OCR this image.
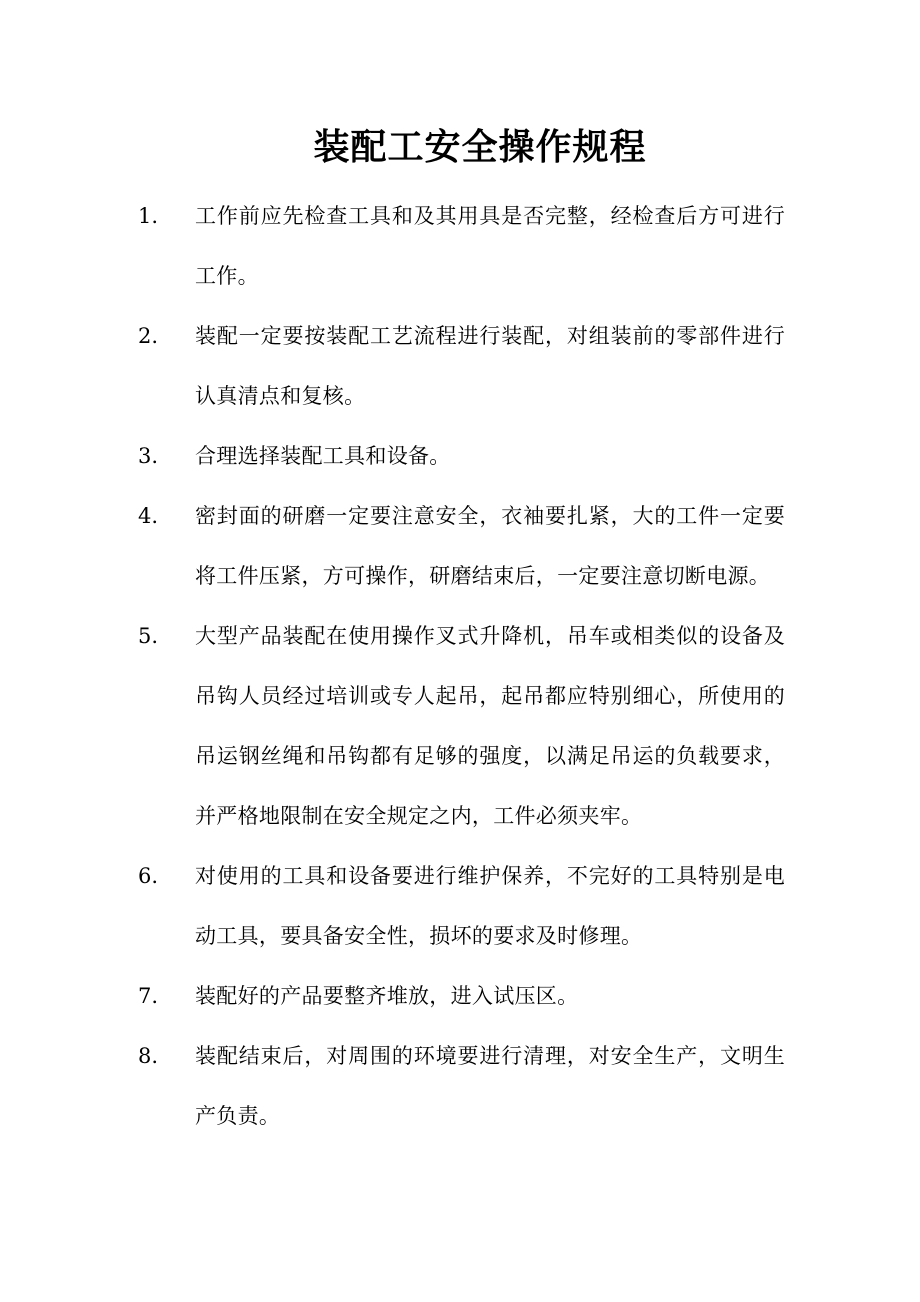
装配工安全操作规程
1.	工作前应先检查工具和及其用具是否完整，经检查后方可进行工作。
2.	装配一定要按装配工艺流程进行装配，对组装前的零部件进行认真清点和复核。
3.	合理选择装配工具和设备。
4.	密封面的研磨一定要注意安全，衣袖要扎紧，大的工件一定要将工件压紧，方可操作，研磨结束后，一定要注意切断电源。
5.	大型产品装配在使用操作叉式升降机，吊车或相类似的设备及吊钩人员经过培训或专人起吊，起吊都应特别细心，所使用的吊运钢丝绳和吊钩都有足够的强度，以满足吊运的负载要求，并严格地限制在安全规定之内，工件必须夹牢。
6.	对使用的工具和设备要进行维护保养，不完好的工具特别是电动工具，要具备安全性，损坏的要求及时修理。
7.	装配好的产品要整齐堆放，进入试压区。
8.	装配结束后，对周围的环境要进行清理，对安全生产，文明生产负责。
